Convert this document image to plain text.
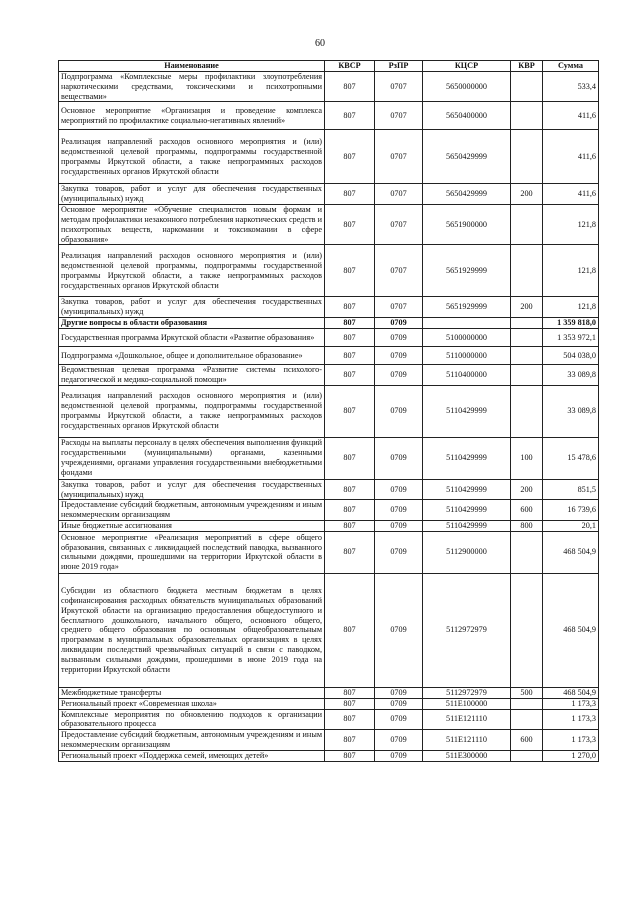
60
Наименование	КВСР	РзПР	КЦСР	КВР	Сумма
Подпрограмма «Комплексные меры профилактики злоупотребления наркотическими средствами, токсическими и психотропными веществами»	807	0707	5650000000		533,4
Основное мероприятие «Организация и проведение комплекса мероприятий по профилактике социально-негативных явлений»	807	0707	5650400000		411,6
Реализация направлений расходов основного мероприятия и (или) ведомственной целевой программы, подпрограммы государственной программы Иркутской области, а также непрограммных расходов государственных органов Иркутской области	807	0707	5650429999		411,6
Закупка товаров, работ и услуг для обеспечения государственных (муниципальных) нужд	807	0707	5650429999	200	411,6
Основное мероприятие «Обучение специалистов новым формам и методам профилактики незаконного потребления наркотических средств и психотропных веществ, наркомании и токсикомании в сфере образования»	807	0707	5651900000		121,8
Реализация направлений расходов основного мероприятия и (или) ведомственной целевой программы, подпрограммы государственной программы Иркутской области, а также непрограммных расходов государственных органов Иркутской области	807	0707	5651929999		121,8
Закупка товаров, работ и услуг для обеспечения государственных (муниципальных) нужд	807	0707	5651929999	200	121,8
Другие вопросы в области образования	807	0709			1 359 818,0
Государственная программа Иркутской области «Развитие образования»	807	0709	5100000000		1 353 972,1
Подпрограмма «Дошкольное, общее и дополнительное образование»	807	0709	5110000000		504 038,0
Ведомственная целевая программа «Развитие системы психолого-педагогической и медико-социальной помощи»	807	0709	5110400000		33 089,8
Реализация направлений расходов основного мероприятия и (или) ведомственной целевой программы, подпрограммы государственной программы Иркутской области, а также непрограммных расходов государственных органов Иркутской области	807	0709	5110429999		33 089,8
Расходы на выплаты персоналу в целях обеспечения выполнения функций государственными (муниципальными) органами, казенными учреждениями, органами управления государственными внебюджетными фондами	807	0709	5110429999	100	15 478,6
Закупка товаров, работ и услуг для обеспечения государственных (муниципальных) нужд	807	0709	5110429999	200	851,5
Предоставление субсидий бюджетным, автономным учреждениям и иным некоммерческим организациям	807	0709	5110429999	600	16 739,6
Иные бюджетные ассигнования	807	0709	5110429999	800	20,1
Основное мероприятие «Реализация мероприятий в сфере общего образования, связанных с ликвидацией последствий паводка, вызванного сильными дождями, прошедшими на территории Иркутской области в июне 2019 года»	807	0709	5112900000		468 504,9
Субсидии из областного бюджета местным бюджетам в целях софинансирования расходных обязательств муниципальных образований Иркутской области на организацию предоставления общедоступного и бесплатного дошкольного, начального общего, основного общего, среднего общего образования по основным общеобразовательным программам в муниципальных образовательных организациях в целях ликвидации последствий чрезвычайных ситуаций в связи с паводком, вызванным сильными дождями, прошедшими в июне 2019 года на территории Иркутской области	807	0709	5112972979		468 504,9
Межбюджетные трансферты	807	0709	5112972979	500	468 504,9
Региональный проект «Современная школа»	807	0709	511E100000		1 173,3
Комплексные мероприятия по обновлению подходов к организации образовательного процесса	807	0709	511E121110		1 173,3
Предоставление субсидий бюджетным, автономным учреждениям и иным некоммерческим организациям	807	0709	511E121110	600	1 173,3
Региональный проект «Поддержка семей, имеющих детей»	807	0709	511E300000		1 270,0
